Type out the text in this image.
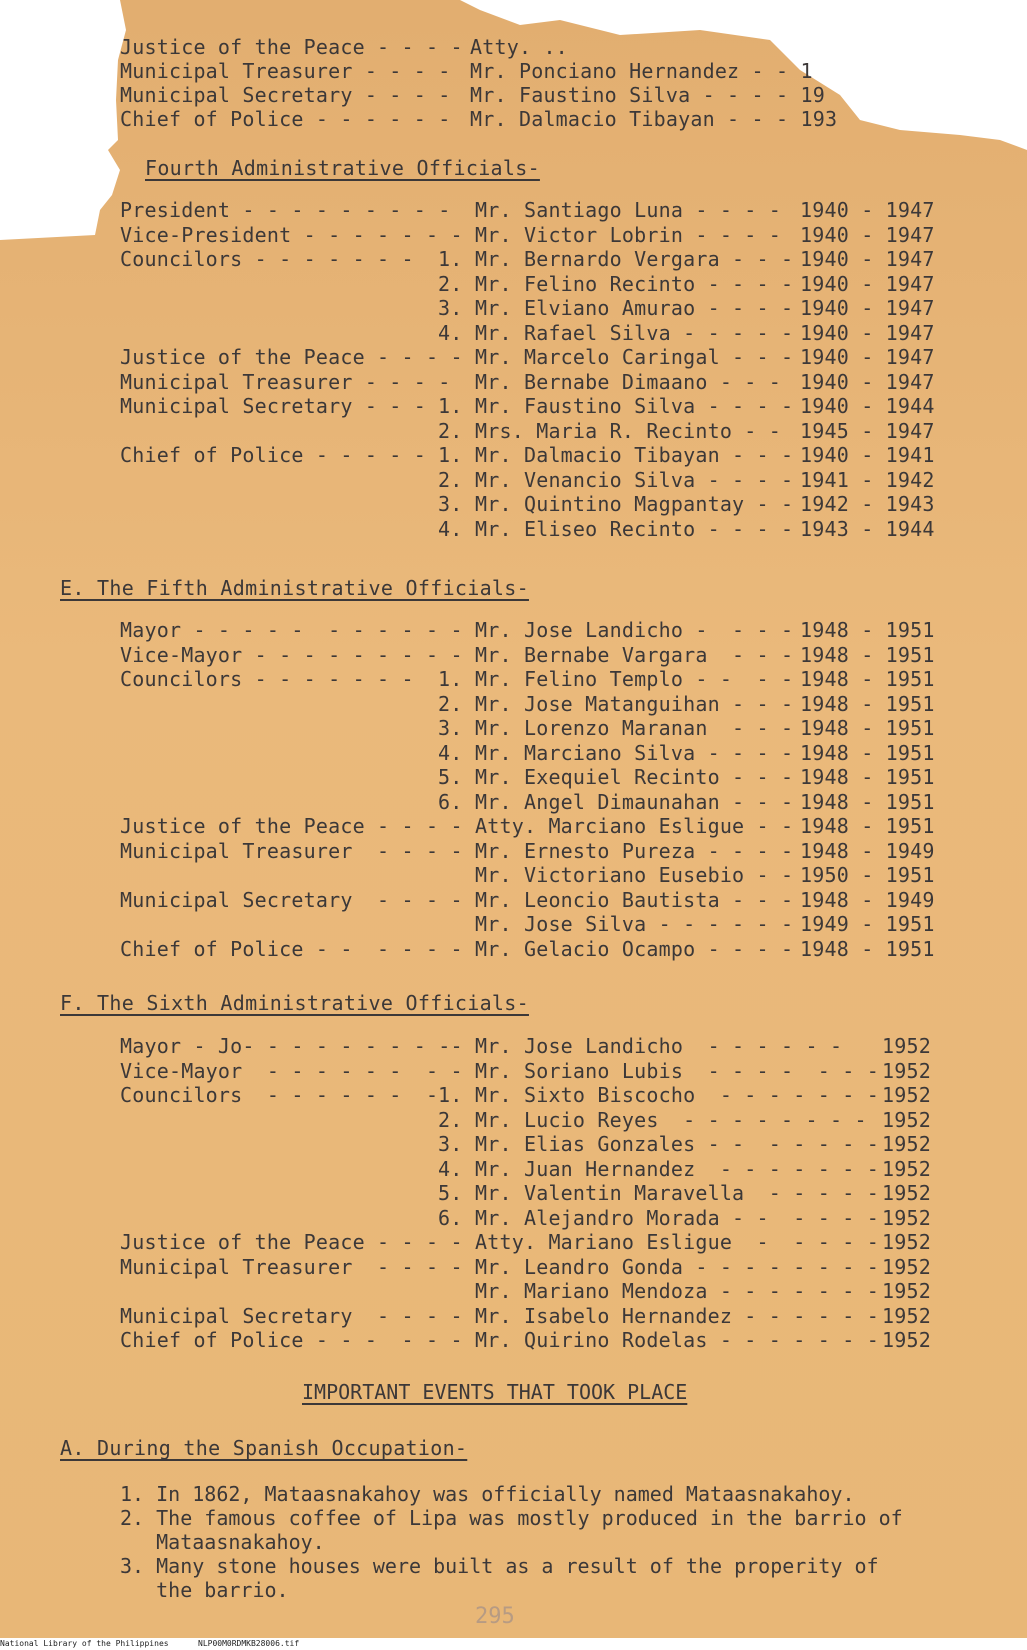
Justice of the Peace - - - -

Atty. ..

Municipal Treasurer - - - -

Mr. Ponciano Hernandez - - 1

Municipal Secretary - - - -

Mr. Faustino Silva - - - - 19

Chief of Police - - - - - -

Mr. Dalmacio Tibayan - - - 193

Fourth Administrative Officials-
President - - - - - - - - - Mr. Santiago Luna - - - - 1940 - 1947
Vice-President - - - - - - - Mr. Victor Lobrin - - - - 1940 - 1947
Councilors - - - - - - - 1. Mr. Bernardo Vergara - - - 1940 - 1947
2. Mr. Felino Recinto - - - - 1940 - 1947
3. Mr. Elviano Amurao - - - - 1940 - 1947
4. Mr. Rafael Silva - - - - - 1940 - 1947
Justice of the Peace - - - - Mr. Marcelo Caringal - - - 1940 - 1947
Municipal Treasurer - - - - Mr. Bernabe Dimaano - - - 1940 - 1947
Municipal Secretary - - - 1. Mr. Faustino Silva - - - - 1940 - 1944
2. Mrs. Maria R. Recinto - - 1945 - 1947
Chief of Police - - - - - 1. Mr. Dalmacio Tibayan - - - 1940 - 1941
2. Mr. Venancio Silva - - - - 1941 - 1942
3. Mr. Quintino Magpantay - - 1942 - 1943
4. Mr. Eliseo Recinto - - - - 1943 - 1944
E. The Fifth Administrative Officials-
Mayor - - - - -  - - - - - - Mr. Jose Landicho -  - - - 1948 - 1951
Vice-Mayor - - - - - - - - - Mr. Bernabe Vargara  - - - 1948 - 1951
Councilors - - - - - - - 1. Mr. Felino Templo - -  - - 1948 - 1951
2. Mr. Jose Matanguihan - - - 1948 - 1951
3. Mr. Lorenzo Maranan  - - - 1948 - 1951
4. Mr. Marciano Silva - - - - 1948 - 1951
5. Mr. Exequiel Recinto - - - 1948 - 1951
6. Mr. Angel Dimaunahan - - - 1948 - 1951
Justice of the Peace - - - - Atty. Marciano Esligue - - 1948 - 1951
Municipal Treasurer  - - - - Mr. Ernesto Pureza - - - - 1948 - 1949
Mr. Victoriano Eusebio - - 1950 - 1951
Municipal Secretary  - - - - Mr. Leoncio Bautista - - - 1948 - 1949
Mr. Jose Silva - - - - - - 1949 - 1951
Chief of Police - -  - - - - Mr. Gelacio Ocampo - - - - 1948 - 1951
F. The Sixth Administrative Officials-
Mayor - Jo- - - - - - - - -- Mr. Jose Landicho  - - - - - - 1952
Vice-Mayor  - - - - - -  - - Mr. Soriano Lubis  - - - -  - - - 1952
Councilors  - - - - - -  - 1. Mr. Sixto Biscocho  - - - - - - - 1952
2. Mr. Lucio Reyes  - - - - - - - - 1952
3. Mr. Elias Gonzales - -  - - - - - 1952
4. Mr. Juan Hernandez  - - - - - - - 1952
5. Mr. Valentin Maravella  - - - - - 1952
6. Mr. Alejandro Morada - -  - - - - 1952
Justice of the Peace - - - - Atty. Mariano Esligue  -  - - - - 1952
Municipal Treasurer  - - - - Mr. Leandro Gonda - - - - - - - - 1952
Mr. Mariano Mendoza - - - - - - - 1952
Municipal Secretary  - - - - Mr. Isabelo Hernandez - - - - - - 1952
Chief of Police - - -  - - - Mr. Quirino Rodelas - - - - - - - 1952
IMPORTANT EVENTS THAT TOOK PLACE
A. During the Spanish Occupation-
1. In 1862, Mataasnakahoy was officially named Mataasnakahoy.
2. The famous coffee of Lipa was mostly produced in the barrio of
Mataasnakahoy.
3. Many stone houses were built as a result of the properity of
the barrio.
295
National Library of the Philippines	NLP00M0RDMKB28006.tif
